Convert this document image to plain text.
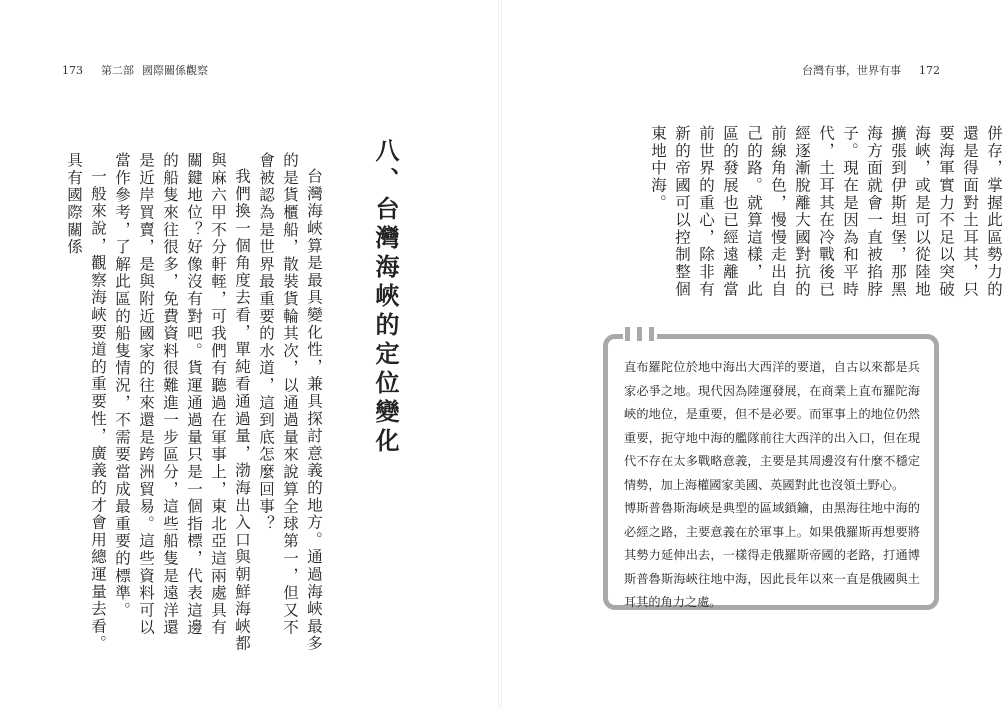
173 第二部 國際關係觀察
八、台灣海峽的定位變化

台灣海峽算是最具變化性，兼具探討意義的地方。通過海峽最多的是貨櫃船，散裝貨輪其次，以通過量來說算全球第一，但又不會被認為是世界最重要的水道，這到底怎麼回事？

我們換一個角度去看，單純看通過量，渤海出入口與朝鮮海峽都與麻六甲不分軒輊，可我們有聽過在軍事上，東北亞這兩處具有關鍵地位？好像沒有對吧。貨運通過量只是一個指標，代表這邊的船隻來往很多，免費資料很難進一步區分，這些船隻是遠洋還是近岸買賣，是與附近國家的往來還是跨洲貿易。這些資料可以當作參考，了解此區的船隻情況，不需要當成最重要的標準。

一般來說，觀察海峽要道的重要性，廣義的才會用總運量去看。具有國際關係

台灣有事，世界有事 172

併存，掌握此區勢力的還是得面對土耳其，只要海軍實力不足以突破海峽，或是可以從陸地擴張到伊斯坦堡，那黑海方面就會一直被掐脖子。現在是因為和平時代，土耳其在冷戰後已經逐漸脫離大國對抗的前線角色，慢慢走出自己的路。就算這樣，此區的發展也已經遠離當前世界的重心，除非有新的帝國可以控制整個東地中海。

直布羅陀位於地中海出大西洋的要道，自古以來都是兵家必爭之地。現代因為陸運發展，在商業上直布羅陀海峽的地位，是重要，但不是必要。而軍事上的地位仍然重要，扼守地中海的艦隊前往大西洋的出入口，但在現代不存在太多戰略意義，主要是其周邊沒有什麼不穩定情勢，加上海權國家美國、英國對此也沒領土野心。

博斯普魯斯海峽是典型的區域鎖鑰，由黑海往地中海的必經之路，主要意義在於軍事上。如果俄羅斯再想要將其勢力延伸出去，一樣得走俄羅斯帝國的老路，打通博斯普魯斯海峽往地中海，因此長年以來一直是俄國與土耳其的角力之處。
